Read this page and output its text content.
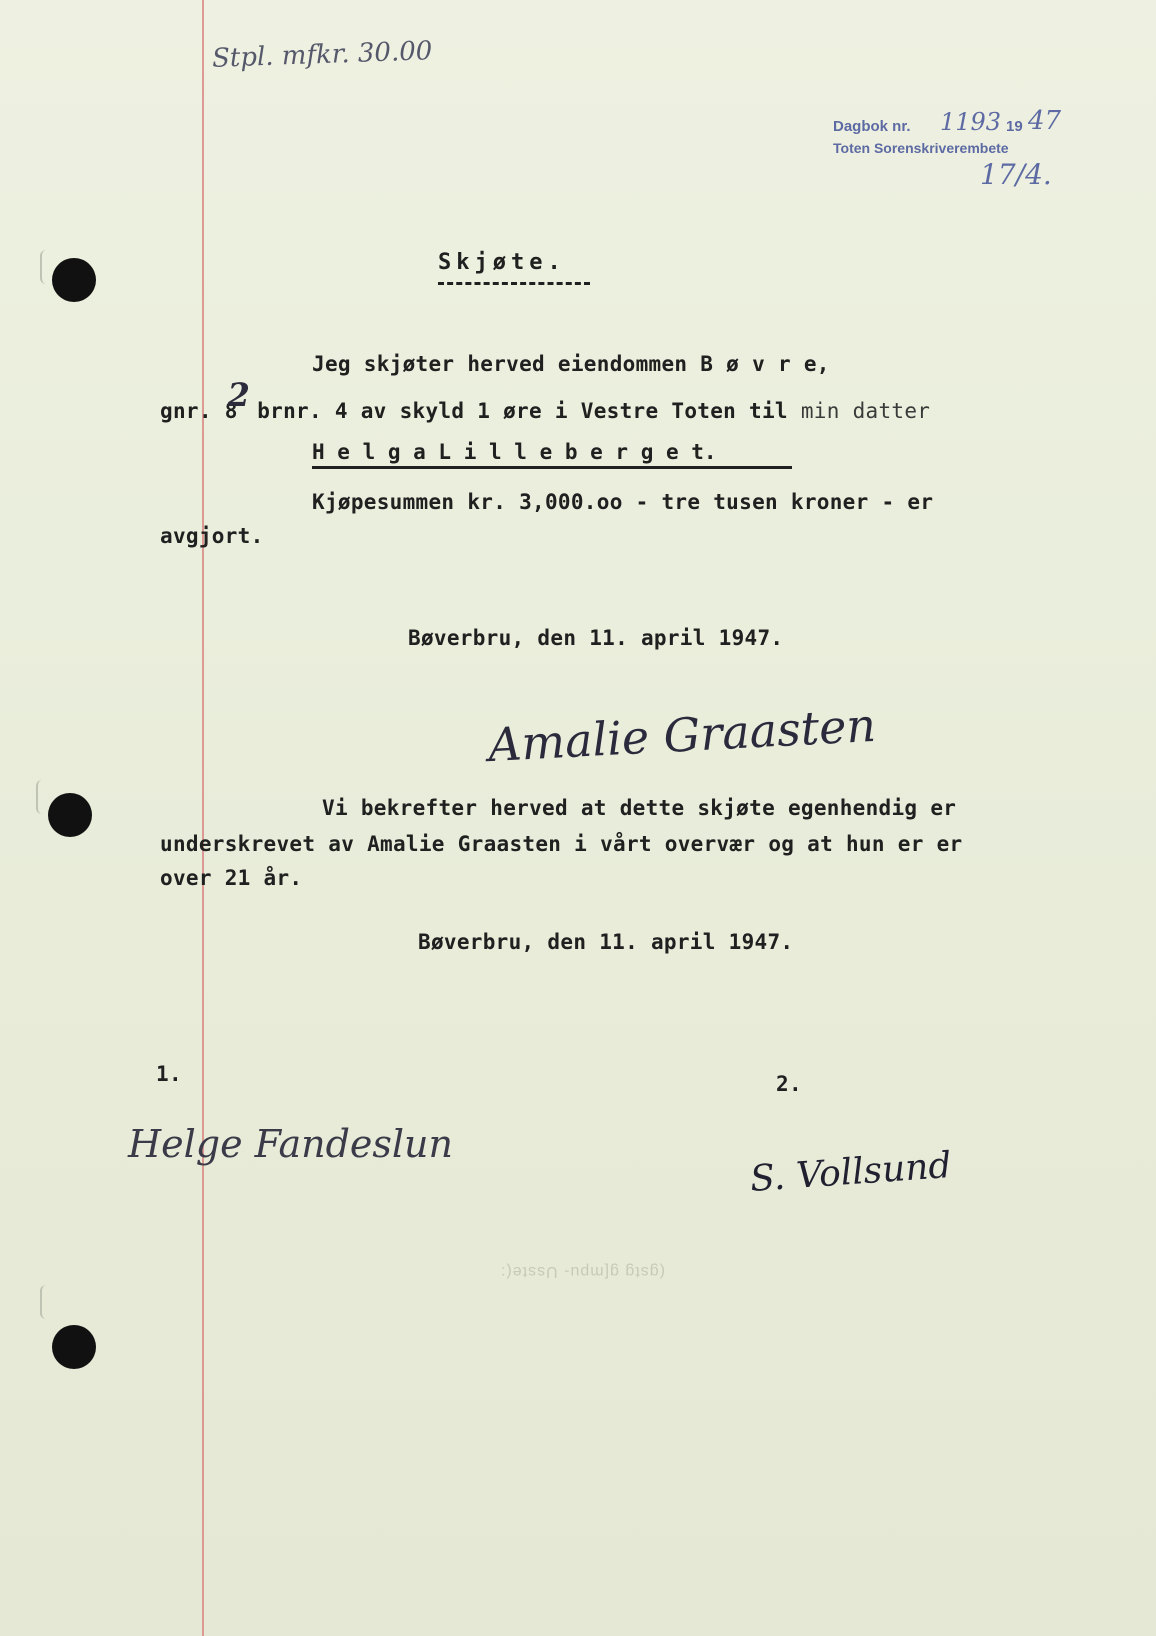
(gstg g[mpu- Usste(:
Stpl. mfkr. 30.00
Dagbok nr. 1193 19 47
Toten Sorenskriverembete
17/4.
Skjøte.
Jeg skjøter herved eiendommen B ø v r e,
gnr. 82 brnr. 4 av skyld 1 øre i Vestre Toten til min datter
H e l g a L i l l e b e r g e t.
Kjøpesummen kr. 3,000.oo - tre tusen kroner - er
avgjort.
Bøverbru, den 11. april 1947.
Amalie Graasten
Vi bekrefter herved at dette skjøte egenhendig er
underskrevet av Amalie Graasten i vårt overvær og at hun er er
over 21 år.
Bøverbru, den 11. april 1947.
1.
Helge Fandeslun
2.
S. Vollsund
